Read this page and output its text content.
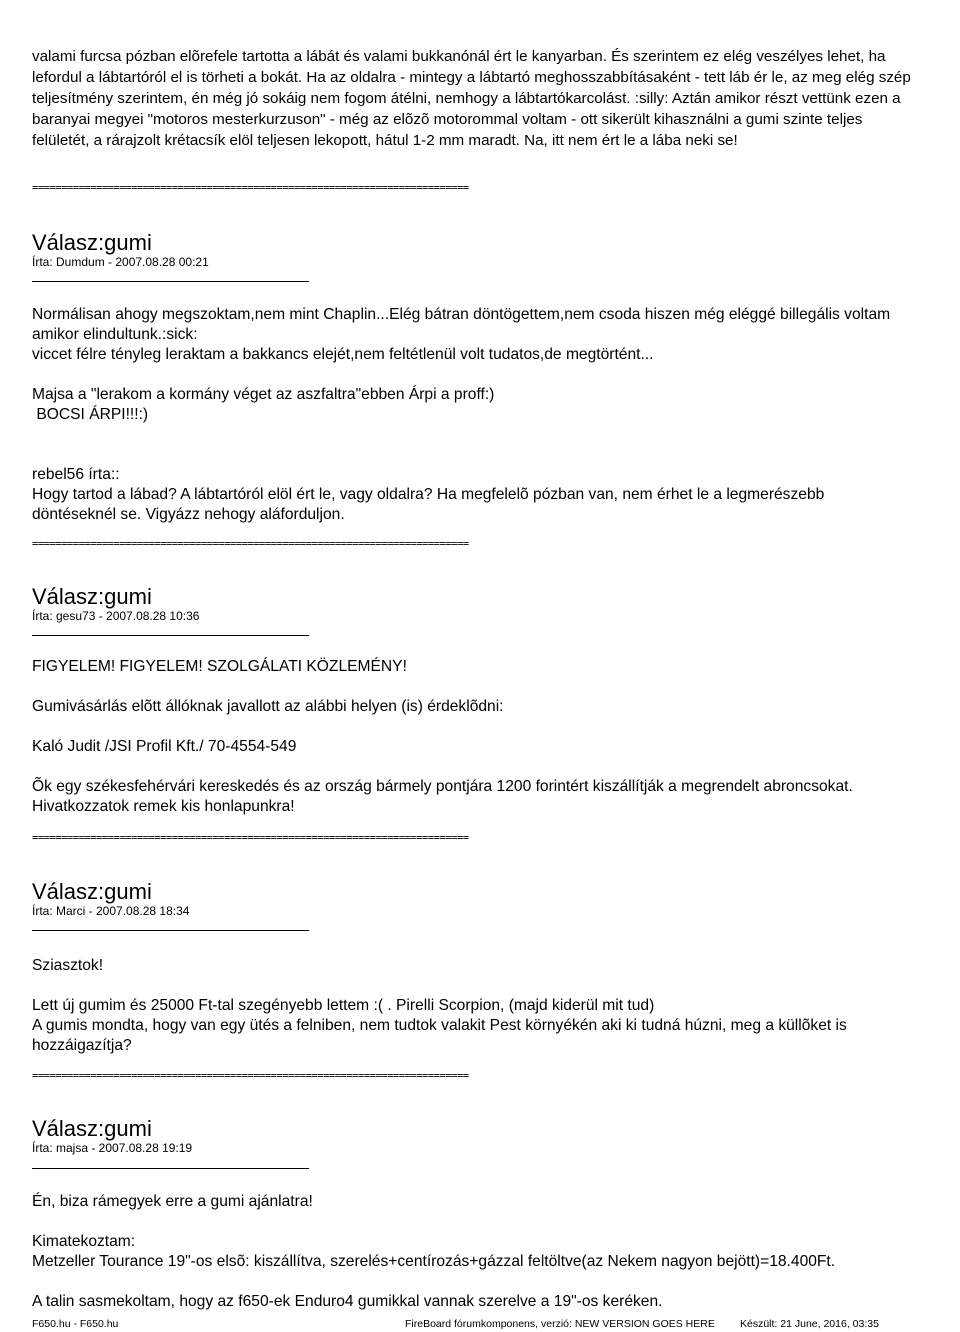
valami furcsa pózban elõrefele tartotta a lábát és valami bukkanónál ért le kanyarban. És szerintem ez elég veszélyes lehet, ha lefordul a lábtartóról el is törheti a bokát. Ha az oldalra - mintegy a lábtartó meghosszabbításaként - tett láb ér le, az meg elég szép teljesítmény szerintem, én még jó sokáig nem fogom átélni, nemhogy a lábtartókarcolást. :silly: Aztán amikor részt vettünk ezen a baranyai megyei "motoros mesterkurzuson" - még az elõzõ motorommal voltam - ott sikerült kihasználni a gumi szinte teljes felületét, a rárajzolt krétacsík elöl teljesen lekopott, hátul 1-2 mm maradt. Na, itt nem ért le a lába neki se!
===========================================================================
Válasz:gumi
Írta: Dumdum - 2007.08.28 00:21

Normálisan ahogy megszoktam,nem mint Chaplin...Elég bátran döntögettem,nem csoda hiszen még eléggé billegális voltam amikor elindultunk.:sick:

viccet félre tényleg leraktam a bakkancs elejét,nem feltétlenül volt tudatos,de megtörtént...

Majsa a "lerakom a kormány véget az aszfaltra"ebben Árpi a proff:)

BOCSI ÁRPI!!!:)

rebel56 írta::

Hogy tartod a lábad? A lábtartóról elöl ért le, vagy oldalra? Ha megfelelõ pózban van, nem érhet le a legmerészebb döntéseknél se. Vigyázz nehogy aláforduljon.

===========================================================================
Válasz:gumi
Írta: gesu73 - 2007.08.28 10:36

FIGYELEM! FIGYELEM! SZOLGÁLATI KÖZLEMÉNY!

Gumivásárlás elõtt állóknak javallott az alábbi helyen (is) érdeklõdni:

Kaló Judit /JSI Profil Kft./ 70-4554-549

Õk egy székesfehérvári kereskedés és az ország bármely pontjára 1200 forintért kiszállítják a megrendelt abroncsokat. Hivatkozzatok remek kis honlapunkra!

===========================================================================
Válasz:gumi
Írta: Marci - 2007.08.28 18:34

Sziasztok!

Lett új gumim és 25000 Ft-tal szegényebb lettem :( . Pirelli Scorpion, (majd kiderül mit tud)

A gumis mondta, hogy van egy ütés a felniben, nem tudtok valakit Pest környékén aki ki tudná húzni, meg a küllõket is hozzáigazítja?

===========================================================================
Válasz:gumi
Írta: majsa - 2007.08.28 19:19

Én, biza rámegyek erre a gumi ajánlatra!

Kimatekoztam:

Metzeller Tourance 19"-os elsõ: kiszállítva, szerelés+centírozás+gázzal feltöltve(az Nekem nagyon bejött)=18.400Ft.

A talin sasmekoltam, hogy az f650-ek Enduro4 gumikkal vannak szerelve a 19"-os keréken.

F650.hu - F650.hu	FireBoard fórumkomponens, verzió: NEW VERSION GOES HERE Készült: 21 June, 2016, 03:35
